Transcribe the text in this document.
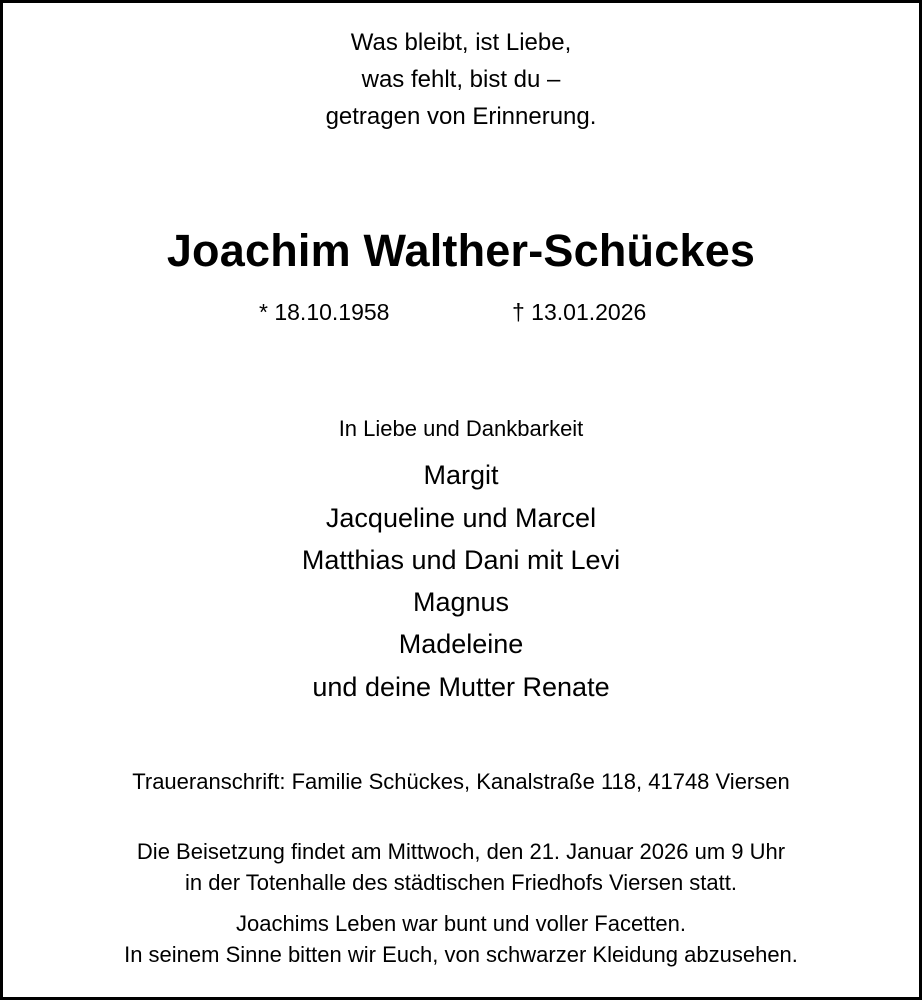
Was bleibt, ist Liebe,
was fehlt, bist du –
getragen von Erinnerung.
Joachim Walther-Schückes
* 18.10.1958	† 13.01.2026
In Liebe und Dankbarkeit
Margit
Jacqueline und Marcel
Matthias und Dani mit Levi
Magnus
Madeleine
und deine Mutter Renate
Traueranschrift: Familie Schückes, Kanalstraße 118, 41748 Viersen
Die Beisetzung findet am Mittwoch, den 21. Januar 2026 um 9 Uhr
in der Totenhalle des städtischen Friedhofs Viersen statt.
Joachims Leben war bunt und voller Facetten.
In seinem Sinne bitten wir Euch, von schwarzer Kleidung abzusehen.
